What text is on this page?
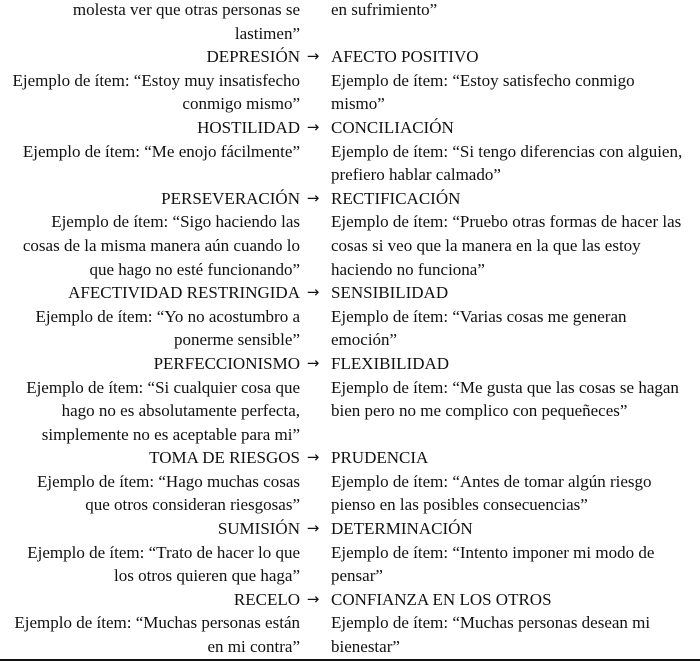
molesta ver que otras personas se en sufrimiento”
lastimen”
DEPRESIÓN → AFECTO POSITIVO
Ejemplo de ítem: “Estoy muy insatisfecho Ejemplo de ítem: “Estoy satisfecho conmigo
conmigo mismo” mismo”
HOSTILIDAD → CONCILIACIÓN
Ejemplo de ítem: “Me enojo fácilmente” Ejemplo de ítem: “Si tengo diferencias con alguien,
prefiero hablar calmado”
PERSEVERACIÓN → RECTIFICACIÓN
Ejemplo de ítem: “Sigo haciendo las Ejemplo de ítem: “Pruebo otras formas de hacer las
cosas de la misma manera aún cuando lo cosas si veo que la manera en la que las estoy
que hago no esté funcionando” haciendo no funciona”
AFECTIVIDAD RESTRINGIDA → SENSIBILIDAD
Ejemplo de ítem: “Yo no acostumbro a Ejemplo de ítem: “Varias cosas me generan
ponerme sensible” emoción”
PERFECCIONISMO → FLEXIBILIDAD
Ejemplo de ítem: “Si cualquier cosa que Ejemplo de ítem: “Me gusta que las cosas se hagan
hago no es absolutamente perfecta, bien pero no me complico con pequeñeces”
simplemente no es aceptable para mi”
TOMA DE RIESGOS → PRUDENCIA
Ejemplo de ítem: “Hago muchas cosas Ejemplo de ítem: “Antes de tomar algún riesgo
que otros consideran riesgosas” pienso en las posibles consecuencias”
SUMISIÓN → DETERMINACIÓN
Ejemplo de ítem: “Trato de hacer lo que Ejemplo de ítem: “Intento imponer mi modo de
los otros quieren que haga” pensar”
RECELO → CONFIANZA EN LOS OTROS
Ejemplo de ítem: “Muchas personas están Ejemplo de ítem: “Muchas personas desean mi
en mi contra” bienestar”
